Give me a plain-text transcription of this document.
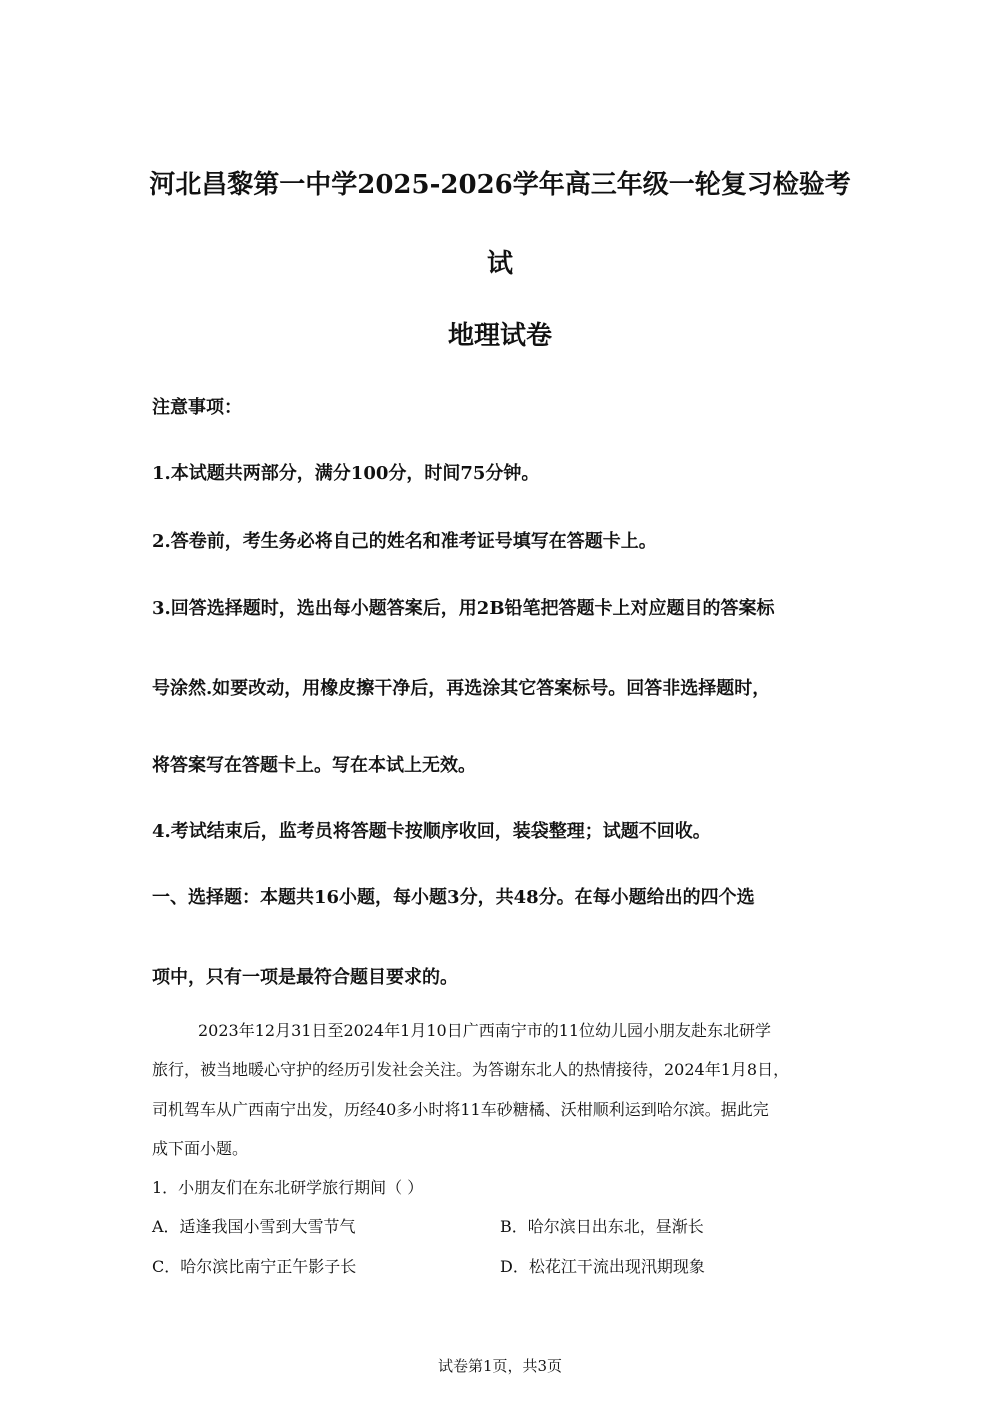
河北昌黎第一中学2025-2026学年高三年级一轮复习检验考
试
地理试卷
注意事项：
1.本试题共两部分，满分100分，时间75分钟。
2.答卷前，考生务必将自己的姓名和准考证号填写在答题卡上。
3.回答选择题时，选出每小题答案后，用2B铅笔把答题卡上对应题目的答案标
号涂然.如要改动，用橡皮擦干净后，再选涂其它答案标号。回答非选择题时，
将答案写在答题卡上。写在本试上无效。
4.考试结束后，监考员将答题卡按顺序收回，装袋整理；试题不回收。
一、选择题：本题共16小题，每小题3分，共48分。在每小题给出的四个选
项中，只有一项是最符合题目要求的。
2023年12月31日至2024年1月10日广西南宁市的11位幼儿园小朋友赴东北研学
旅行，被当地暖心守护的经历引发社会关注。为答谢东北人的热情接待，2024年1月8日，
司机驾车从广西南宁出发，历经40多小时将11车砂糖橘、沃柑顺利运到哈尔滨。据此完
成下面小题。
1．小朋友们在东北研学旅行期间（ ）
A．适逢我国小雪到大雪节气	B．哈尔滨日出东北，昼渐长
C．哈尔滨比南宁正午影子长	D．松花江干流出现汛期现象
试卷第1页，共3页
